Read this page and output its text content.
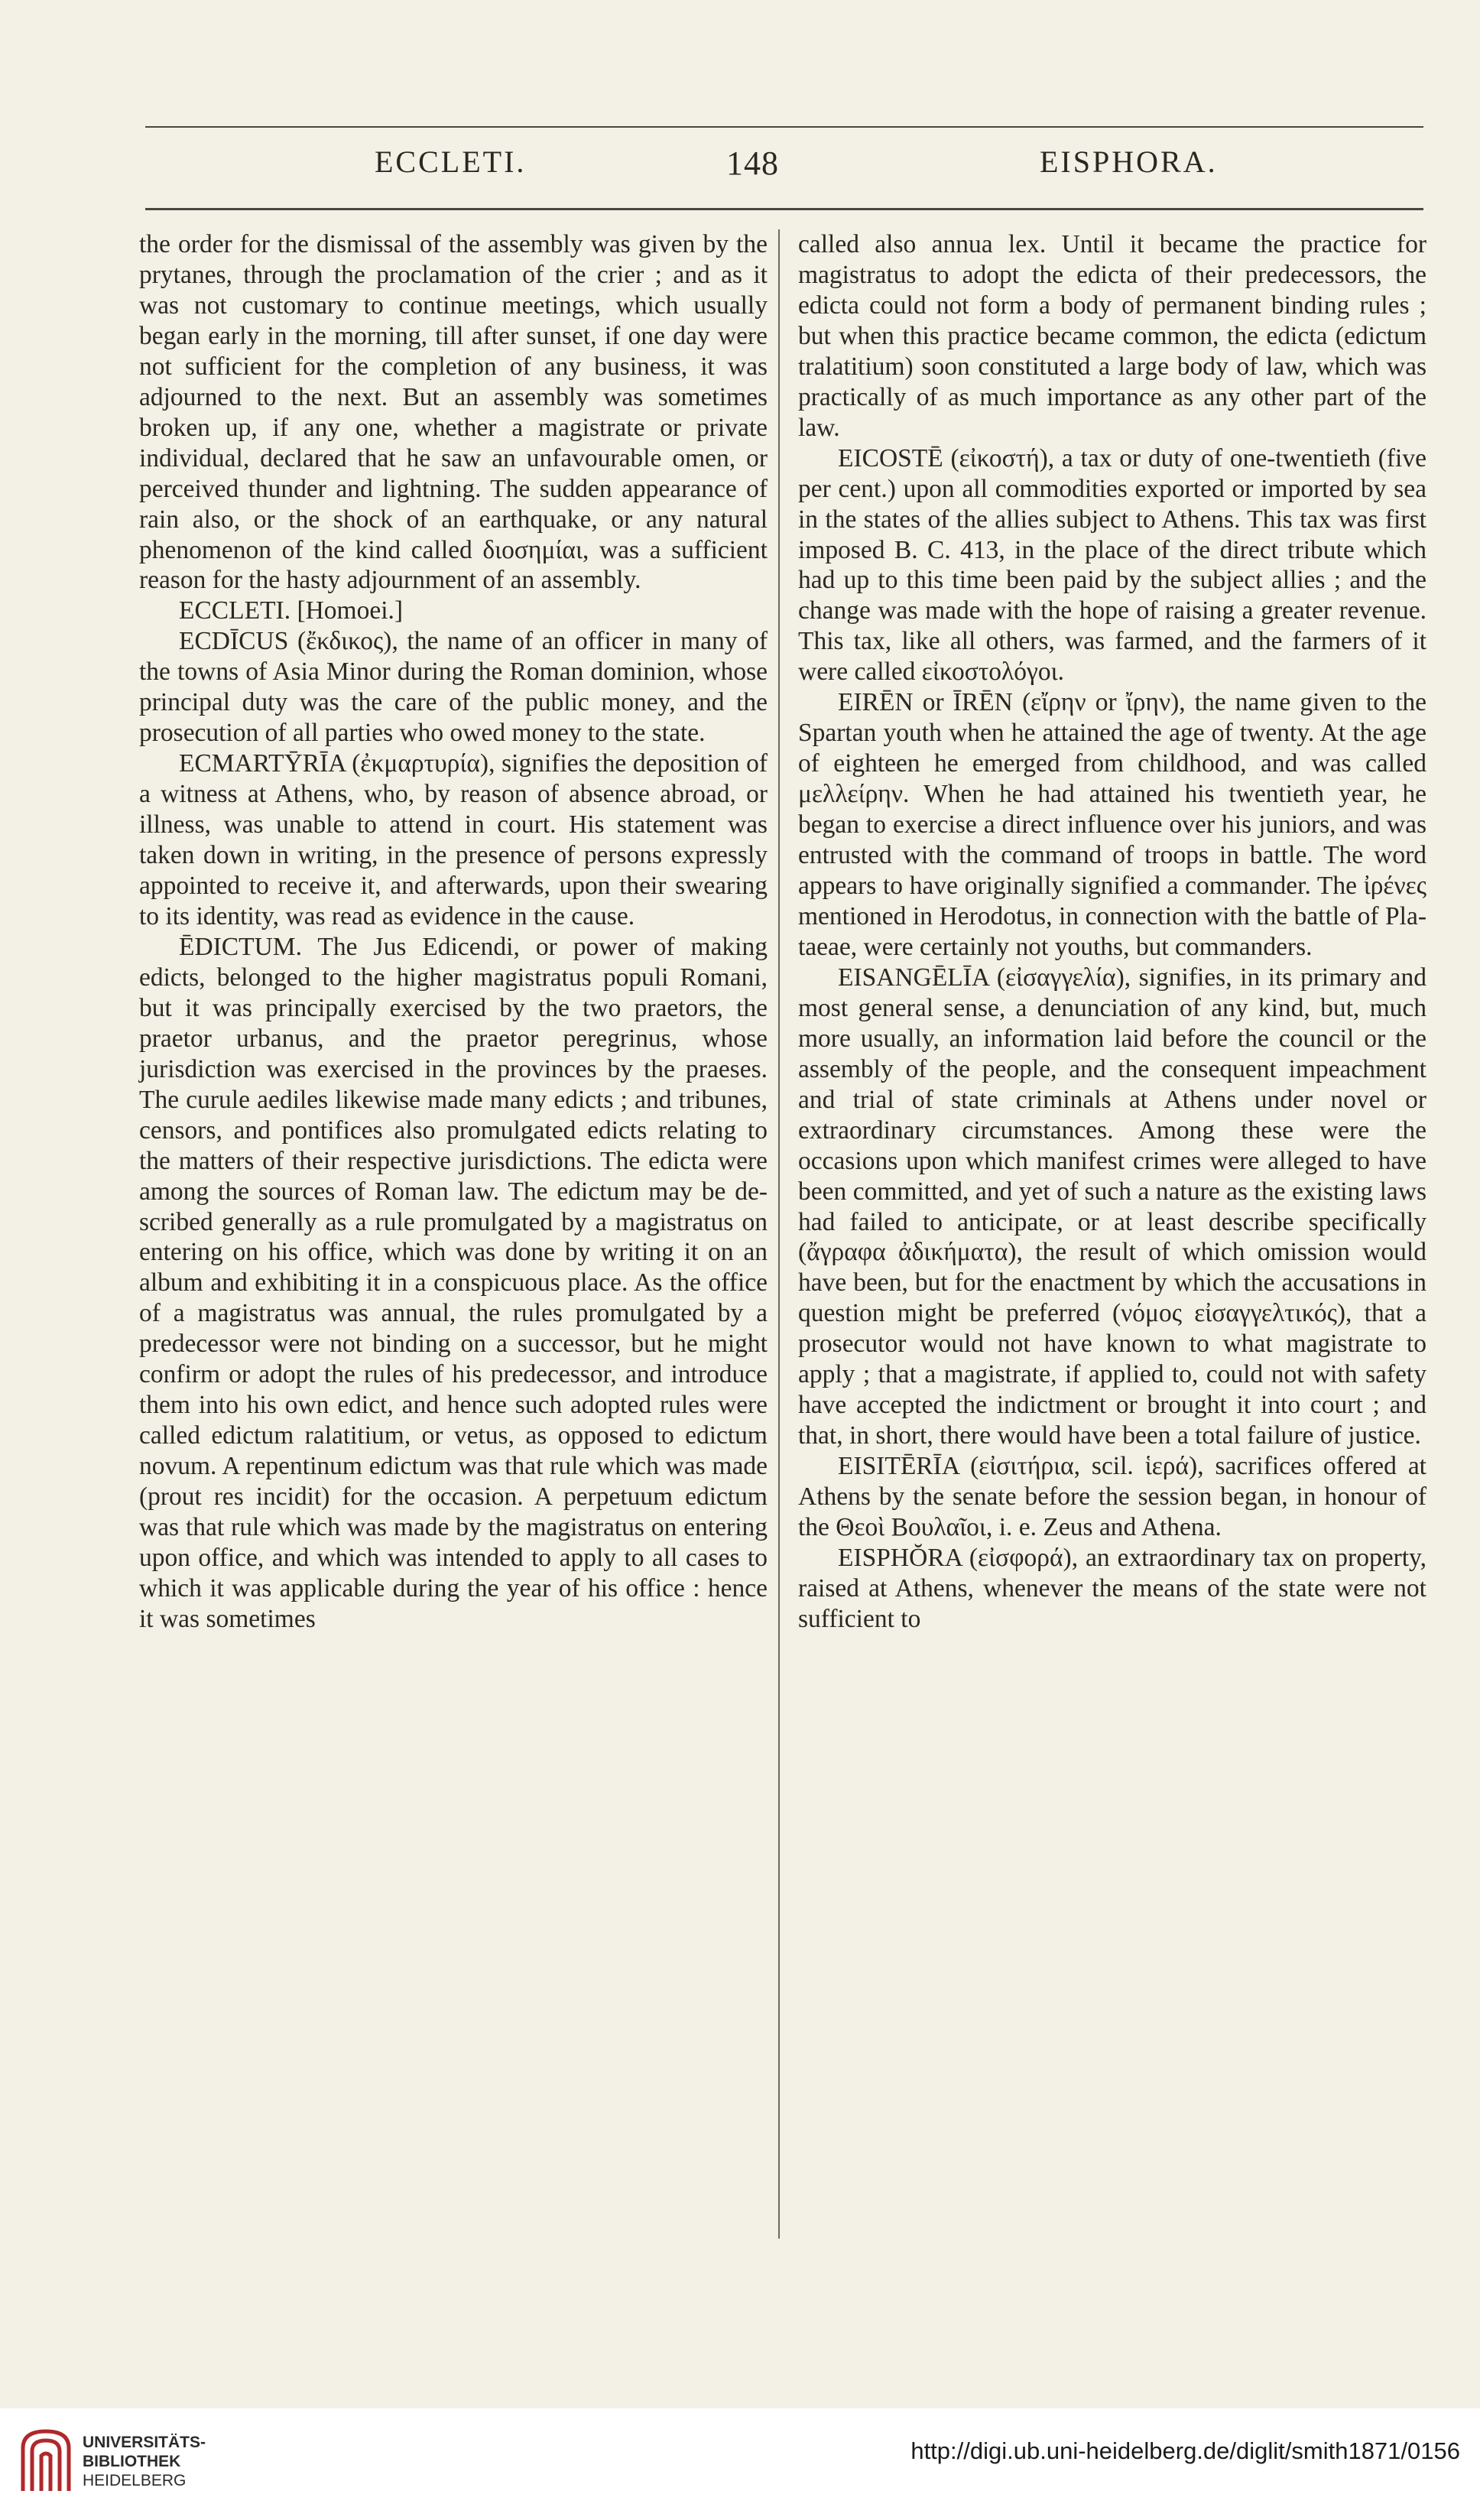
ECCLETI.	148	EISPHORA.

the order for the dismissal of the assembly was given by the prytanes, through the proclamation of the crier ; and as it was not customary to continue meetings, which usually began early in the morning, till after sunset, if one day were not sufficient for the completion of any business, it was adjourned to the next. But an assembly was sometimes broken up, if any one, whether a magistrate or private individual, declared that he saw an unfavourable omen, or perceived thunder and lightning. The sudden appearance of rain also, or the shock of an earthquake, or any natural phenomenon of the kind called διοσημίαι, was a sufficient reason for the hasty adjournment of an assembly.

ECCLETI. [Homoei.]

ECDĪCUS (ἔκδικος), the name of an officer in many of the towns of Asia Minor during the Roman dominion, whose principal duty was the care of the public money, and the prosecution of all parties who owed money to the state.

ECMARTȲRĪA (ἐκμαρτυρία), signifies the deposition of a witness at Athens, who, by reason of absence abroad, or illness, was unable to attend in court. His statement was taken down in writing, in the presence of persons expressly appointed to receive it, and afterwards, upon their swearing to its identity, was read as evidence in the cause.

ĒDICTUM. The Jus Edicendi, or power of making edicts, belonged to the higher magistratus populi Romani, but it was principally exercised by the two praetors, the praetor urbanus, and the praetor peregrinus, whose jurisdiction was exercised in the provinces by the praeses. The curule aediles likewise made many edicts ; and tribunes, censors, and pontifices also promulgated edicts relating to the matters of their respective jurisdictions. The edicta were among the sources of Roman law. The edictum may be described generally as a rule promulgated by a magistratus on entering on his office, which was done by writing it on an album and exhibiting it in a conspicuous place. As the office of a magistratus was annual, the rules promulgated by a predecessor were not binding on a successor, but he might confirm or adopt the rules of his predecessor, and introduce them into his own edict, and hence such adopted rules were called edictum ralatitium, or vetus, as opposed to edictum novum. A repentinum edictum was that rule which was made (prout res incidit) for the occasion. A perpetuum edictum was that rule which was made by the magistratus on entering upon office, and which was intended to apply to all cases to which it was applicable during the year of his office : hence it was sometimes

called also annua lex. Until it became the practice for magistratus to adopt the edicta of their predecessors, the edicta could not form a body of permanent binding rules ; but when this practice became common, the edicta (edictum tralatitium) soon constituted a large body of law, which was practically of as much importance as any other part of the law.

EICOSTĒ (εἰκοστή), a tax or duty of one-twentieth (five per cent.) upon all commodities exported or imported by sea in the states of the allies subject to Athens. This tax was first imposed B. C. 413, in the place of the direct tribute which had up to this time been paid by the subject allies ; and the change was made with the hope of raising a greater revenue. This tax, like all others, was farmed, and the farmers of it were called εἰκοστολόγοι.

EIRĒN or ĪRĒN (εἴρην or ἴρην), the name given to the Spartan youth when he attained the age of twenty. At the age of eighteen he emerged from childhood, and was called μελλείρην. When he had attained his twentieth year, he began to exercise a direct influence over his juniors, and was entrusted with the command of troops in battle. The word appears to have originally signified a commander. The ἰρένες mentioned in Herodotus, in connection with the battle of Plataeae, were certainly not youths, but commanders.

EISANGĒLĪA (εἰσαγγελία), signifies, in its primary and most general sense, a denunciation of any kind, but, much more usually, an information laid before the council or the assembly of the people, and the consequent impeachment and trial of state criminals at Athens under novel or extraordinary circumstances. Among these were the occasions upon which manifest crimes were alleged to have been committed, and yet of such a nature as the existing laws had failed to anticipate, or at least describe specifically (ἄγραφα ἀδικήματα), the result of which omission would have been, but for the enactment by which the accusations in question might be preferred (νόμος εἰσαγγελτικός), that a prosecutor would not have known to what magistrate to apply ; that a magistrate, if applied to, could not with safety have accepted the indictment or brought it into court ; and that, in short, there would have been a total failure of justice.

EISITĒRĪA (εἰσιτήρια, scil. ἱερά), sacrifices offered at Athens by the senate before the session began, in honour of the Θεοὶ Βουλαῖοι, i. e. Zeus and Athena.

EISPHŎRA (εἰσφορά), an extraordinary tax on property, raised at Athens, whenever the means of the state were not sufficient to

UNIVERSITÄTS-
BIBLIOTHEK
HEIDELBERG
http://digi.ub.uni-heidelberg.de/diglit/smith1871/0156
